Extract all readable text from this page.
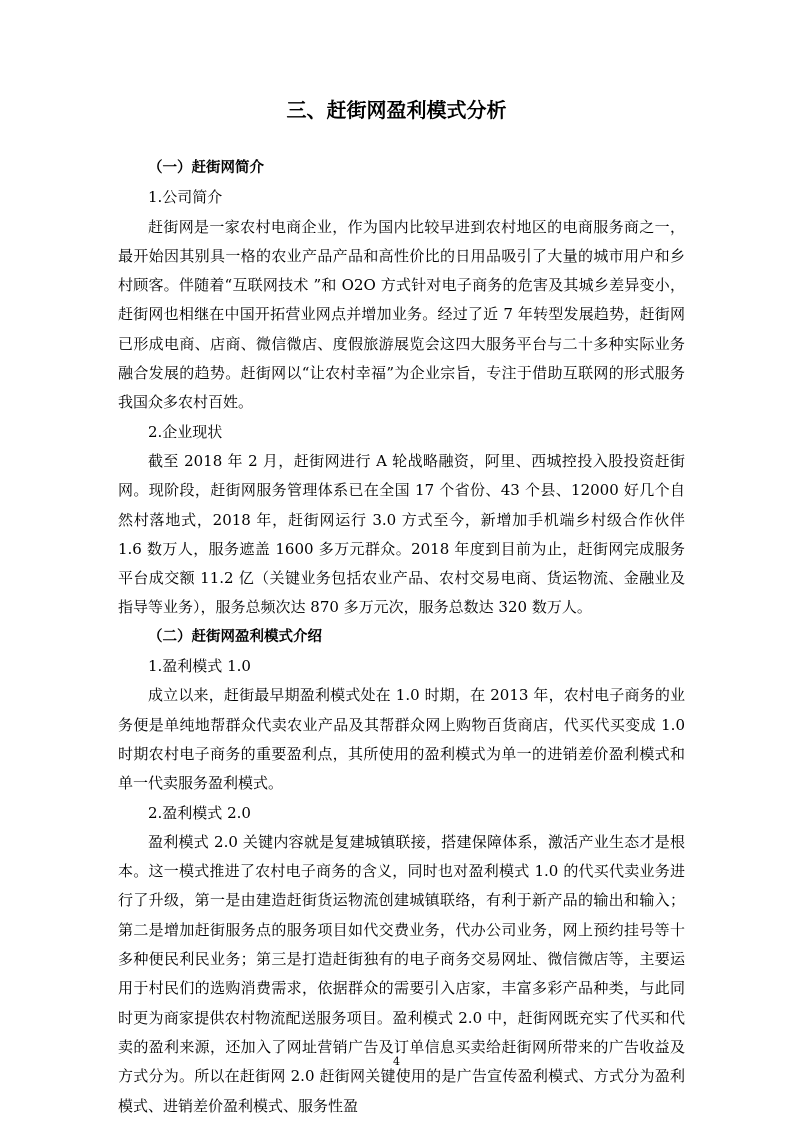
三、赶街网盈利模式分析

（一）赶街网简介

1.公司简介

赶街网是一家农村电商企业，作为国内比较早进到农村地区的电商服务商之一，最开始因其别具一格的农业产品产品和高性价比的日用品吸引了大量的城市用户和乡村顾客。伴随着“互联网技术 ”和 O2O 方式针对电子商务的危害及其城乡差异变小，赶街网也相继在中国开拓营业网点并增加业务。经过了近 7 年转型发展趋势，赶街网已形成电商、店商、微信微店、度假旅游展览会这四大服务平台与二十多种实际业务融合发展的趋势。赶街网以“让农村幸福”为企业宗旨，专注于借助互联网的形式服务我国众多农村百姓。

2.企业现状

截至 2018 年 2 月，赶街网进行 A 轮战略融资，阿里、西城控投入股投资赶街网。现阶段，赶街网服务管理体系已在全国 17 个省份、43 个县、12000 好几个自然村落地式，2018 年，赶街网运行 3.0 方式至今，新增加手机端乡村级合作伙伴 1.6 数万人，服务遮盖 1600 多万元群众。2018 年度到目前为止，赶街网完成服务平台成交额 11.2 亿（关键业务包括农业产品、农村交易电商、货运物流、金融业及指导等业务），服务总频次达 870 多万元次，服务总数达 320 数万人。

（二）赶街网盈利模式介绍

1.盈利模式 1.0

成立以来，赶街最早期盈利模式处在 1.0 时期，在 2013 年，农村电子商务的业务便是单纯地帮群众代卖农业产品及其帮群众网上购物百货商店，代买代买变成 1.0 时期农村电子商务的重要盈利点，其所使用的盈利模式为单一的进销差价盈利模式和单一代卖服务盈利模式。

2.盈利模式 2.0

盈利模式 2.0 关键内容就是复建城镇联接，搭建保障体系，激活产业生态才是根本。这一模式推进了农村电子商务的含义，同时也对盈利模式 1.0 的代买代卖业务进行了升级，第一是由建造赶街货运物流创建城镇联络，有利于新产品的输出和输入；第二是增加赶街服务点的服务项目如代交费业务，代办公司业务，网上预约挂号等十多种便民利民业务；第三是打造赶街独有的电子商务交易网址、微信微店等，主要运用于村民们的选购消费需求，依据群众的需要引入店家，丰富多彩产品种类，与此同时更为商家提供农村物流配送服务项目。盈利模式 2.0 中，赶街网既充实了代买和代卖的盈利来源，还加入了网址营销广告及订单信息买卖给赶街网所带来的广告收益及方式分为。所以在赶街网 2.0 赶街网关键使用的是广告宣传盈利模式、方式分为盈利模式、进销差价盈利模式、服务性盈

4
